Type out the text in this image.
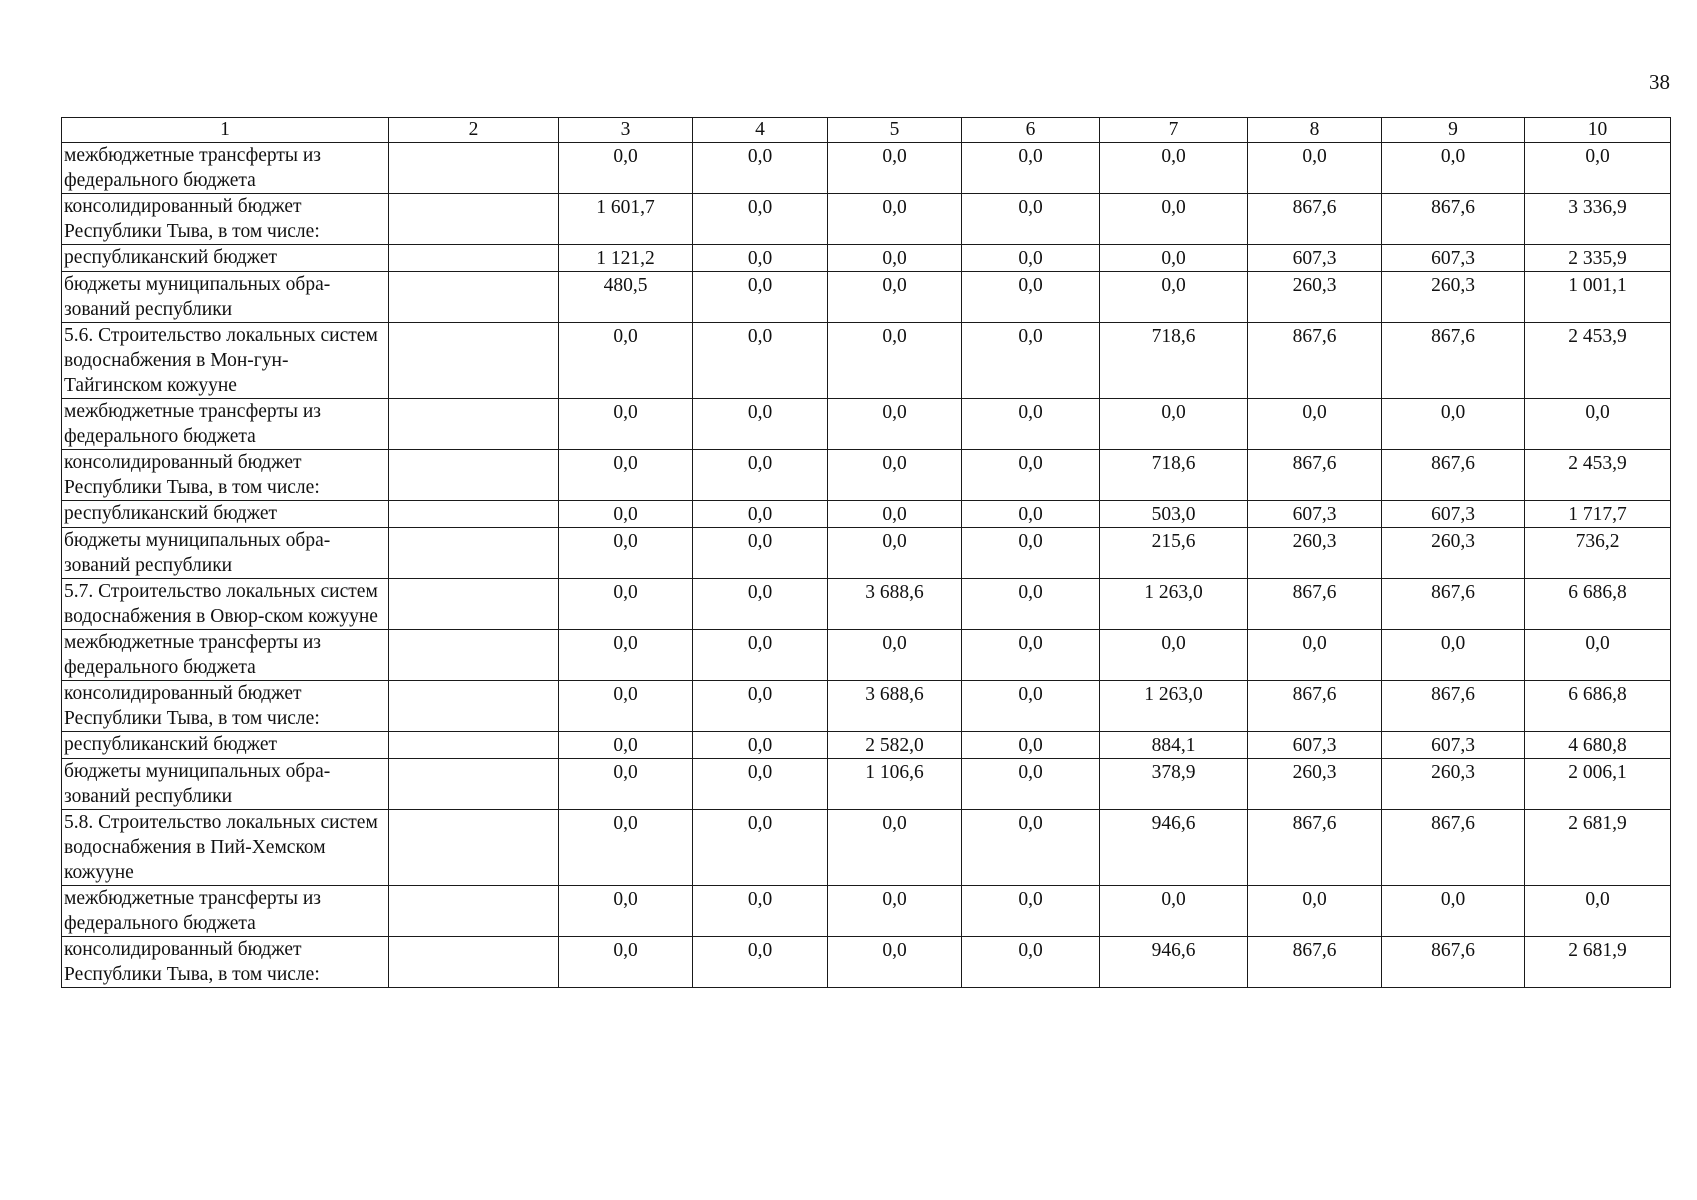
38
1	2	3	4	5	6	7	8	9	10
межбюджетные трансферты из федерального бюджета		0,0	0,0	0,0	0,0	0,0	0,0	0,0	0,0
консолидированный бюджет Республики Тыва, в том числе:		1 601,7	0,0	0,0	0,0	0,0	867,6	867,6	3 336,9
республиканский бюджет		1 121,2	0,0	0,0	0,0	0,0	607,3	607,3	2 335,9
бюджеты муниципальных обра-зований республики		480,5	0,0	0,0	0,0	0,0	260,3	260,3	1 001,1
5.6. Строительство локальных систем водоснабжения в Мон-гун-Тайгинском кожууне		0,0	0,0	0,0	0,0	718,6	867,6	867,6	2 453,9
межбюджетные трансферты из федерального бюджета		0,0	0,0	0,0	0,0	0,0	0,0	0,0	0,0
консолидированный бюджет Республики Тыва, в том числе:		0,0	0,0	0,0	0,0	718,6	867,6	867,6	2 453,9
республиканский бюджет		0,0	0,0	0,0	0,0	503,0	607,3	607,3	1 717,7
бюджеты муниципальных обра-зований республики		0,0	0,0	0,0	0,0	215,6	260,3	260,3	736,2
5.7. Строительство локальных систем водоснабжения в Овюр-ском кожууне		0,0	0,0	3 688,6	0,0	1 263,0	867,6	867,6	6 686,8
межбюджетные трансферты из федерального бюджета		0,0	0,0	0,0	0,0	0,0	0,0	0,0	0,0
консолидированный бюджет Республики Тыва, в том числе:		0,0	0,0	3 688,6	0,0	1 263,0	867,6	867,6	6 686,8
республиканский бюджет		0,0	0,0	2 582,0	0,0	884,1	607,3	607,3	4 680,8
бюджеты муниципальных обра-зований республики		0,0	0,0	1 106,6	0,0	378,9	260,3	260,3	2 006,1
5.8. Строительство локальных систем водоснабжения в Пий-Хемском кожууне		0,0	0,0	0,0	0,0	946,6	867,6	867,6	2 681,9
межбюджетные трансферты из федерального бюджета		0,0	0,0	0,0	0,0	0,0	0,0	0,0	0,0
консолидированный бюджет Республики Тыва, в том числе:		0,0	0,0	0,0	0,0	946,6	867,6	867,6	2 681,9
